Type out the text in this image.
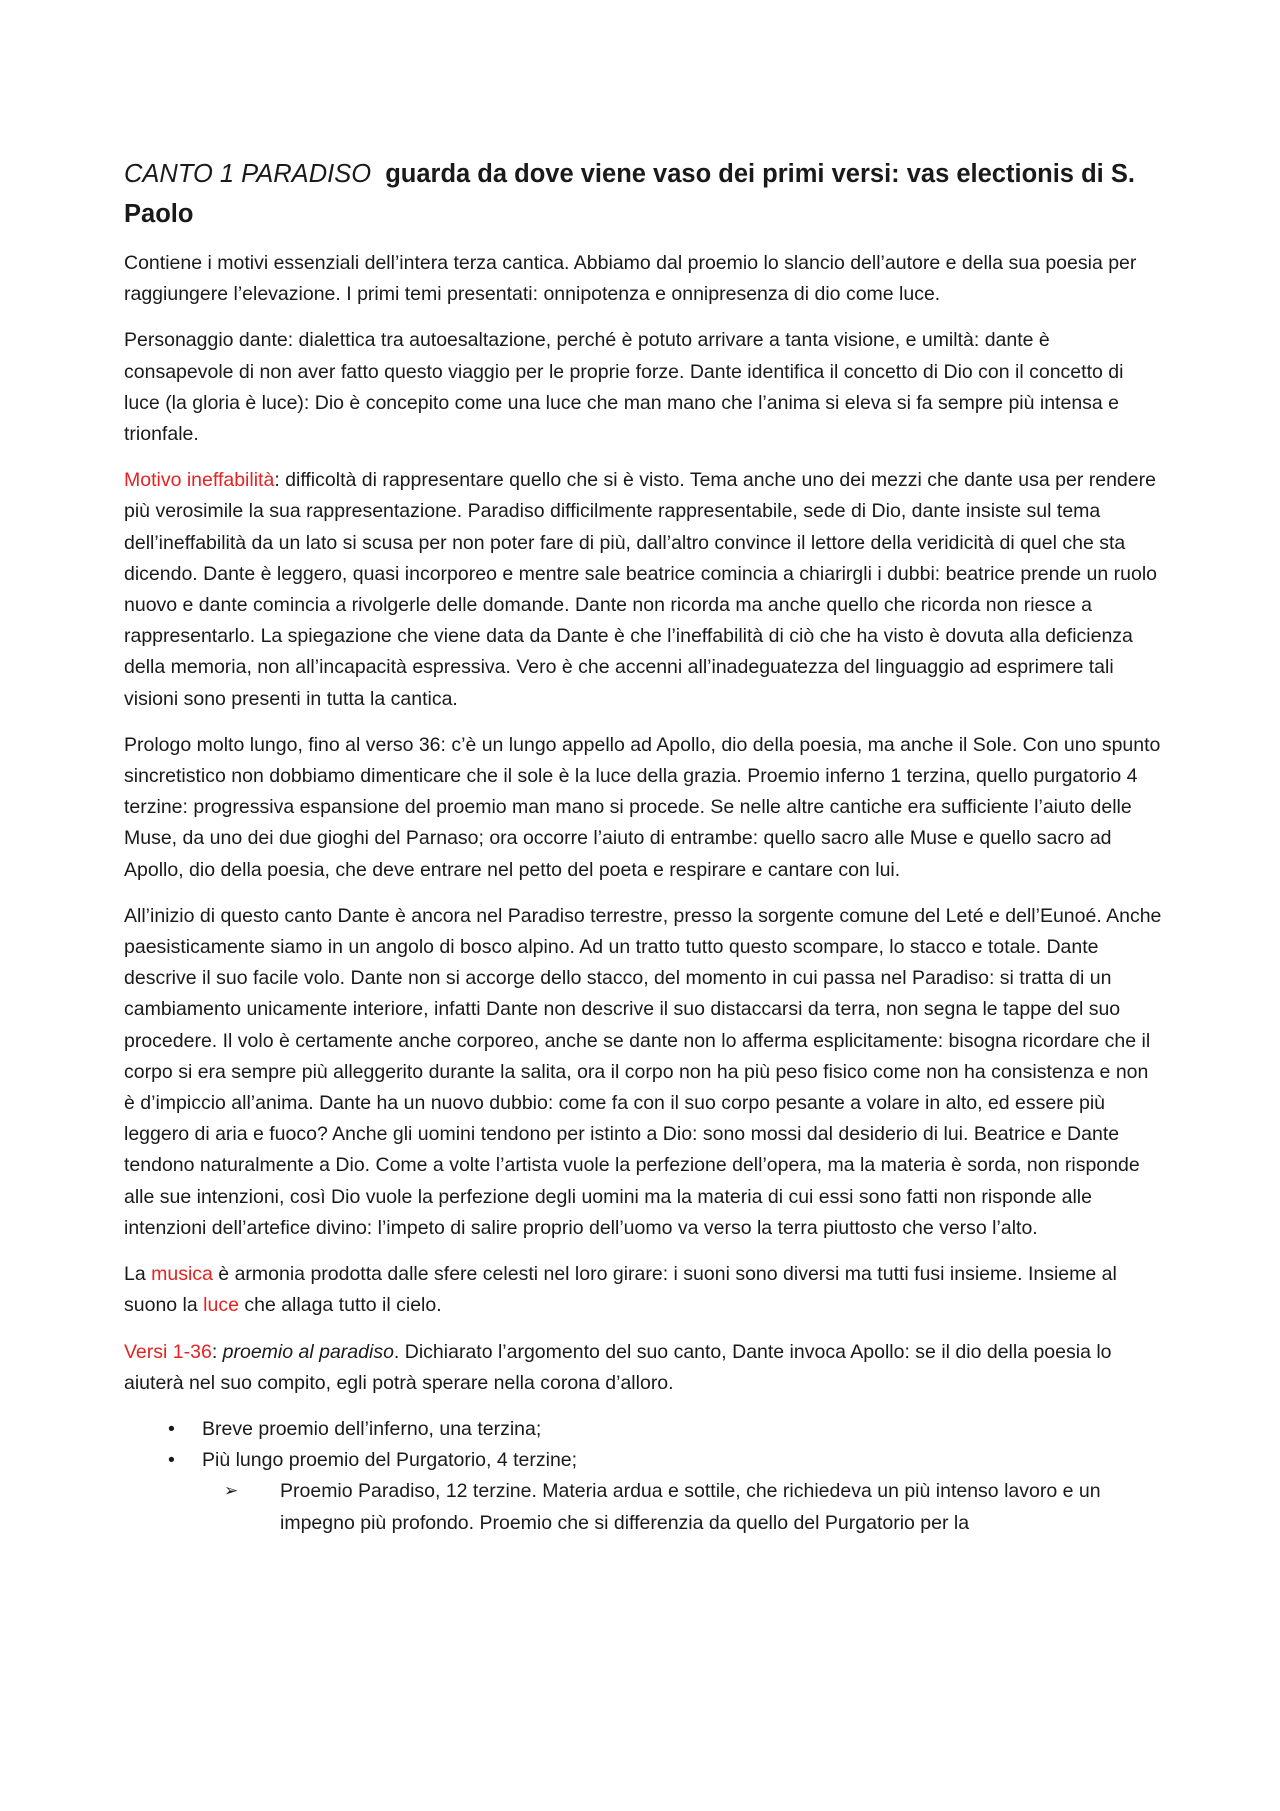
CANTO 1 PARADISO guarda da dove viene vaso dei primi versi: vas electionis di S. Paolo

Contiene i motivi essenziali dell’intera terza cantica. Abbiamo dal proemio lo slancio dell’autore e della sua poesia per raggiungere l’elevazione. I primi temi presentati: onnipotenza e onnipresenza di dio come luce.

Personaggio dante: dialettica tra autoesaltazione, perché è potuto arrivare a tanta visione, e umiltà: dante è consapevole di non aver fatto questo viaggio per le proprie forze. Dante identifica il concetto di Dio con il concetto di luce (la gloria è luce): Dio è concepito come una luce che man mano che l’anima si eleva si fa sempre più intensa e trionfale.

Motivo ineffabilità: difficoltà di rappresentare quello che si è visto. Tema anche uno dei mezzi che dante usa per rendere più verosimile la sua rappresentazione. Paradiso difficilmente rappresentabile, sede di Dio, dante insiste sul tema dell’ineffabilità da un lato si scusa per non poter fare di più, dall’altro convince il lettore della veridicità di quel che sta dicendo. Dante è leggero, quasi incorporeo e mentre sale beatrice comincia a chiarirgli i dubbi: beatrice prende un ruolo nuovo e dante comincia a rivolgerle delle domande. Dante non ricorda ma anche quello che ricorda non riesce a rappresentarlo. La spiegazione che viene data da Dante è che l’ineffabilità di ciò che ha visto è dovuta alla deficienza della memoria, non all’incapacità espressiva. Vero è che accenni all’inadeguatezza del linguaggio ad esprimere tali visioni sono presenti in tutta la cantica.

Prologo molto lungo, fino al verso 36: c’è un lungo appello ad Apollo, dio della poesia, ma anche il Sole. Con uno spunto sincretistico non dobbiamo dimenticare che il sole è la luce della grazia. Proemio inferno 1 terzina, quello purgatorio 4 terzine: progressiva espansione del proemio man mano si procede. Se nelle altre cantiche era sufficiente l’aiuto delle Muse, da uno dei due gioghi del Parnaso; ora occorre l’aiuto di entrambe: quello sacro alle Muse e quello sacro ad Apollo, dio della poesia, che deve entrare nel petto del poeta e respirare e cantare con lui.

All’inizio di questo canto Dante è ancora nel Paradiso terrestre, presso la sorgente comune del Leté e dell’Eunoé. Anche paesisticamente siamo in un angolo di bosco alpino. Ad un tratto tutto questo scompare, lo stacco e totale. Dante descrive il suo facile volo. Dante non si accorge dello stacco, del momento in cui passa nel Paradiso: si tratta di un cambiamento unicamente interiore, infatti Dante non descrive il suo distaccarsi da terra, non segna le tappe del suo procedere. Il volo è certamente anche corporeo, anche se dante non lo afferma esplicitamente: bisogna ricordare che il corpo si era sempre più alleggerito durante la salita, ora il corpo non ha più peso fisico come non ha consistenza e non è d’impiccio all’anima. Dante ha un nuovo dubbio: come fa con il suo corpo pesante a volare in alto, ed essere più leggero di aria e fuoco? Anche gli uomini tendono per istinto a Dio: sono mossi dal desiderio di lui. Beatrice e Dante tendono naturalmente a Dio. Come a volte l’artista vuole la perfezione dell’opera, ma la materia è sorda, non risponde alle sue intenzioni, così Dio vuole la perfezione degli uomini ma la materia di cui essi sono fatti non risponde alle intenzioni dell’artefice divino: l’impeto di salire proprio dell’uomo va verso la terra piuttosto che verso l’alto.

La musica è armonia prodotta dalle sfere celesti nel loro girare: i suoni sono diversi ma tutti fusi insieme. Insieme al suono la luce che allaga tutto il cielo.

Versi 1-36: proemio al paradiso. Dichiarato l’argomento del suo canto, Dante invoca Apollo: se il dio della poesia lo aiuterà nel suo compito, egli potrà sperare nella corona d’alloro.

• Breve proemio dell’inferno, una terzina;
• Più lungo proemio del Purgatorio, 4 terzine;
➢ Proemio Paradiso, 12 terzine. Materia ardua e sottile, che richiedeva un più intenso lavoro e un impegno più profondo. Proemio che si differenzia da quello del Purgatorio per la
